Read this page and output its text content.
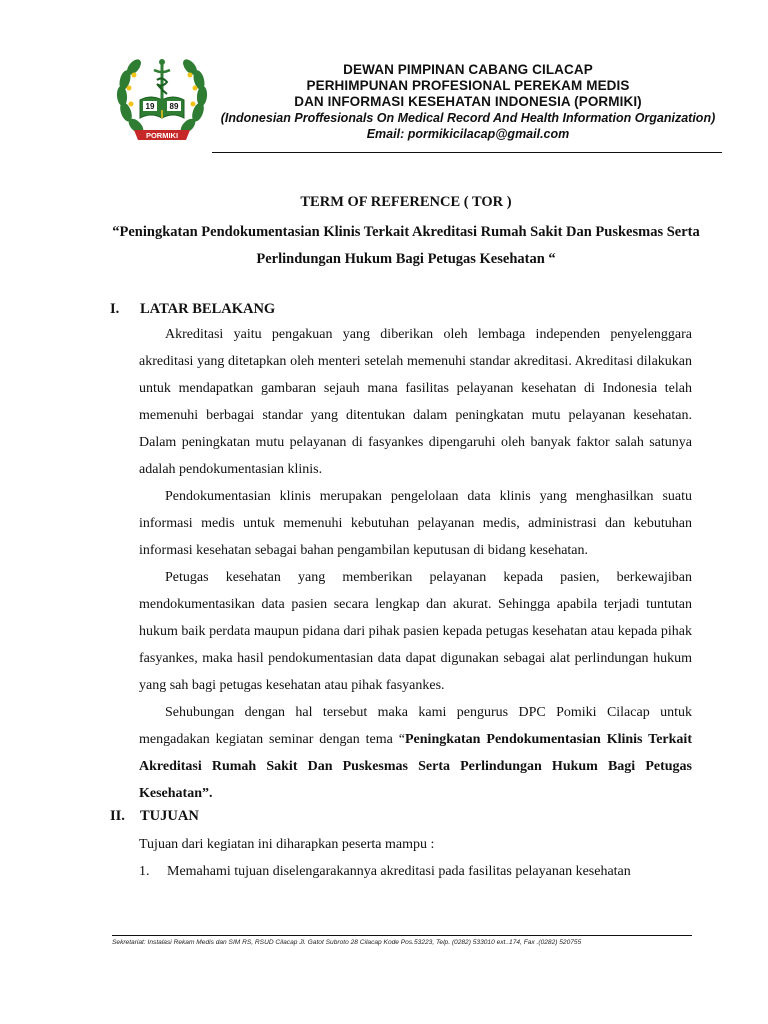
19 89
PORMIKI
DEWAN PIMPINAN CABANG CILACAP
PERHIMPUNAN PROFESIONAL PEREKAM MEDIS
DAN INFORMASI KESEHATAN INDONESIA (PORMIKI)
(Indonesian Proffesionals On Medical Record And Health Information Organization)
Email: pormikicilacap@gmail.com
TERM OF REFERENCE ( TOR )
“Peningkatan Pendokumentasian Klinis Terkait Akreditasi Rumah Sakit Dan Puskesmas Serta Perlindungan Hukum Bagi Petugas Kesehatan “
I. LATAR BELAKANG

Akreditasi yaitu pengakuan yang diberikan oleh lembaga independen penyelenggara akreditasi yang ditetapkan oleh menteri setelah memenuhi standar akreditasi. Akreditasi dilakukan untuk mendapatkan gambaran sejauh mana fasilitas pelayanan kesehatan di Indonesia telah memenuhi berbagai standar yang ditentukan dalam peningkatan mutu pelayanan kesehatan. Dalam peningkatan mutu pelayanan di fasyankes dipengaruhi oleh banyak faktor salah satunya adalah pendokumentasian klinis.

Pendokumentasian klinis merupakan pengelolaan data klinis yang menghasilkan suatu informasi medis untuk memenuhi kebutuhan pelayanan medis, administrasi dan kebutuhan informasi kesehatan sebagai bahan pengambilan keputusan di bidang kesehatan.

Petugas kesehatan yang memberikan pelayanan kepada pasien, berkewajiban mendokumentasikan data pasien secara lengkap dan akurat. Sehingga apabila terjadi tuntutan hukum baik perdata maupun pidana dari pihak pasien kepada petugas kesehatan atau kepada pihak fasyankes, maka hasil pendokumentasian data dapat digunakan sebagai alat perlindungan hukum yang sah bagi petugas kesehatan atau pihak fasyankes.

Sehubungan dengan hal tersebut maka kami pengurus DPC Pomiki Cilacap untuk mengadakan kegiatan seminar dengan tema “Peningkatan Pendokumentasian Klinis Terkait Akreditasi Rumah Sakit Dan Puskesmas Serta Perlindungan Hukum Bagi Petugas Kesehatan”.

II. TUJUAN
Tujuan dari kegiatan ini diharapkan peserta mampu :
1. Memahami tujuan diselengarakannya akreditasi pada fasilitas pelayanan kesehatan
Sekretariat: Instalasi Rekam Medis dan SIM RS, RSUD Cilacap Jl. Gatot Subroto 28 Cilacap Kode Pos.53223, Telp. (0282) 533010 ext..174, Fax .(0282) 520755
